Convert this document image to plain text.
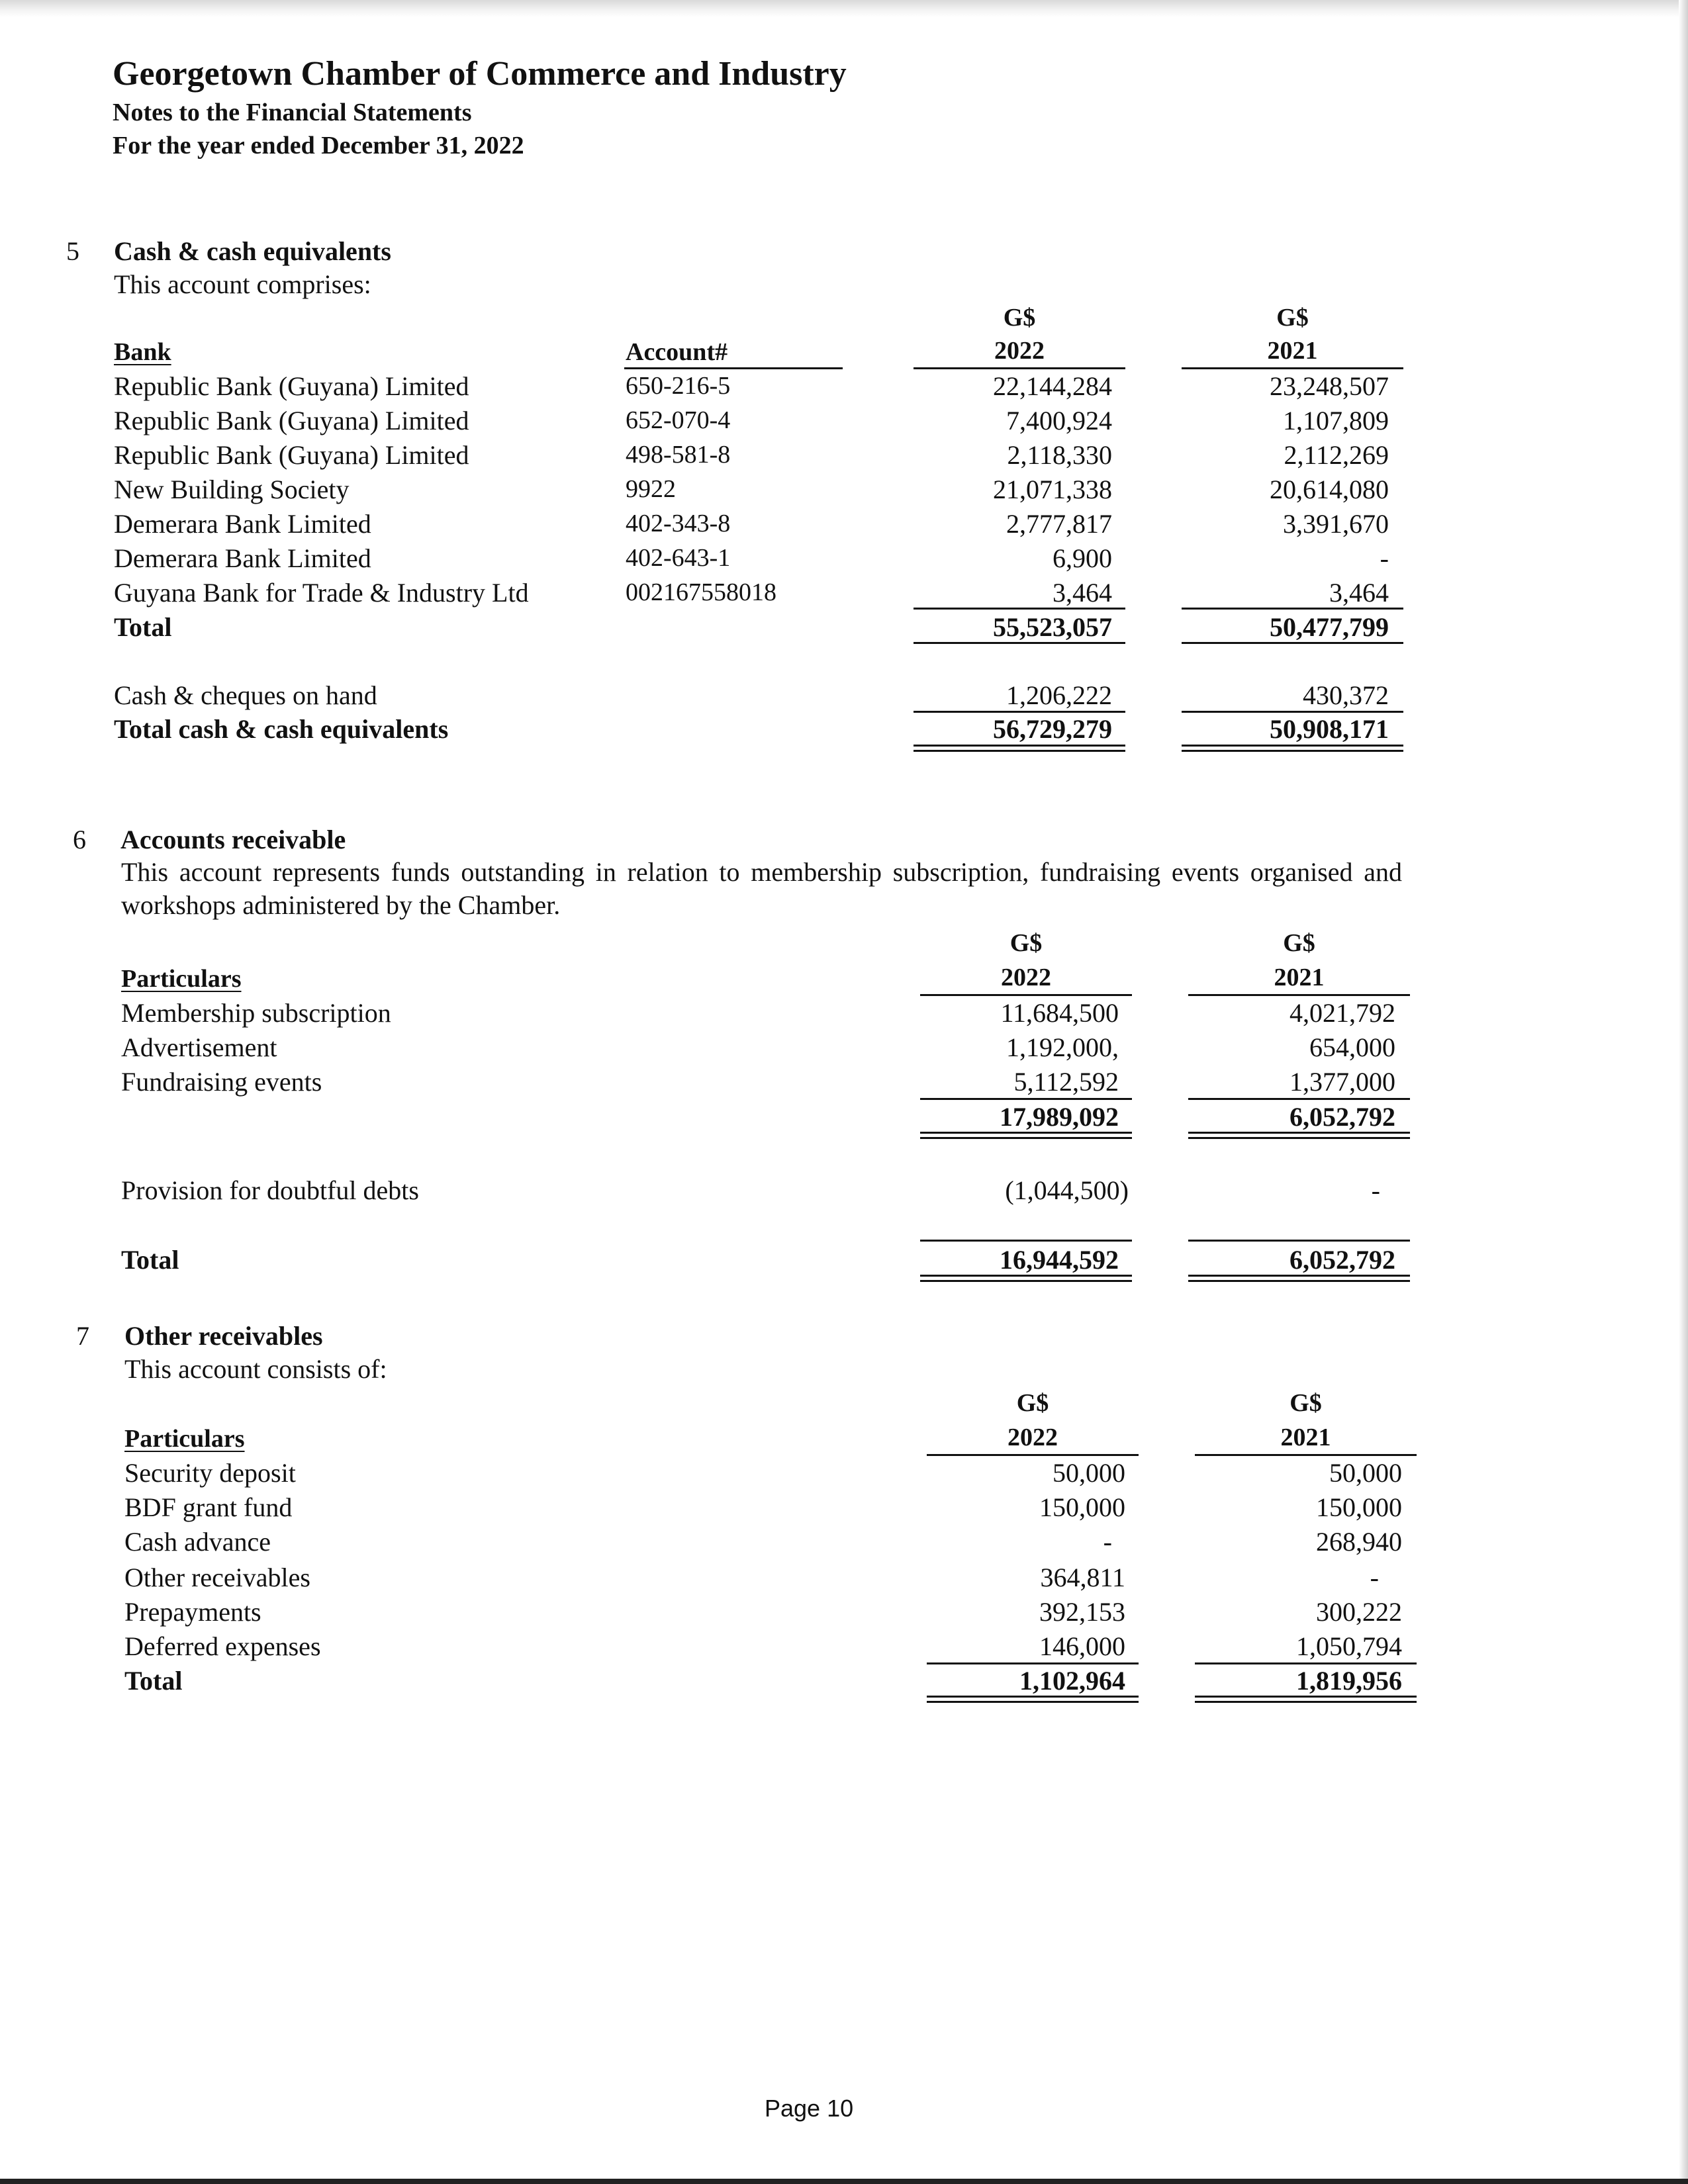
Georgetown Chamber of Commerce and Industry
Notes to the Financial Statements
For the year ended December 31, 2022
5 Cash & cash equivalents
This account comprises:
G$	G$
2022	2021
Bank	Account#
Republic Bank (Guyana) Limited	650-216-5	22,144,284	23,248,507
Republic Bank (Guyana) Limited	652-070-4	7,400,924	1,107,809
Republic Bank (Guyana) Limited	498-581-8	2,118,330	2,112,269
New Building Society	9922	21,071,338	20,614,080
Demerara Bank Limited	402-343-8	2,777,817	3,391,670
Demerara Bank Limited	402-643-1	6,900	-
Guyana Bank for Trade & Industry Ltd	002167558018	3,464	3,464
Total	55,523,057	50,477,799
Cash & cheques on hand	1,206,222	430,372
Total cash & cash equivalents	56,729,279	50,908,171
6 Accounts receivable
This account represents funds outstanding in relation to membership subscription, fundraising events organised and workshops administered by the Chamber.
G$	G$
2022	2021
Particulars
Membership subscription	11,684,500	4,021,792
Advertisement	1,192,000,	654,000
Fundraising events	5,112,592	1,377,000
17,989,092	6,052,792
Provision for doubtful debts	(1,044,500)	-
Total	16,944,592	6,052,792
7 Other receivables
This account consists of:
G$	G$
2022	2021
Particulars
Security deposit	50,000	50,000
BDF grant fund	150,000	150,000
Cash advance	-	268,940
Other receivables	364,811	-
Prepayments	392,153	300,222
Deferred expenses	146,000	1,050,794
Total	1,102,964	1,819,956
Page 10
